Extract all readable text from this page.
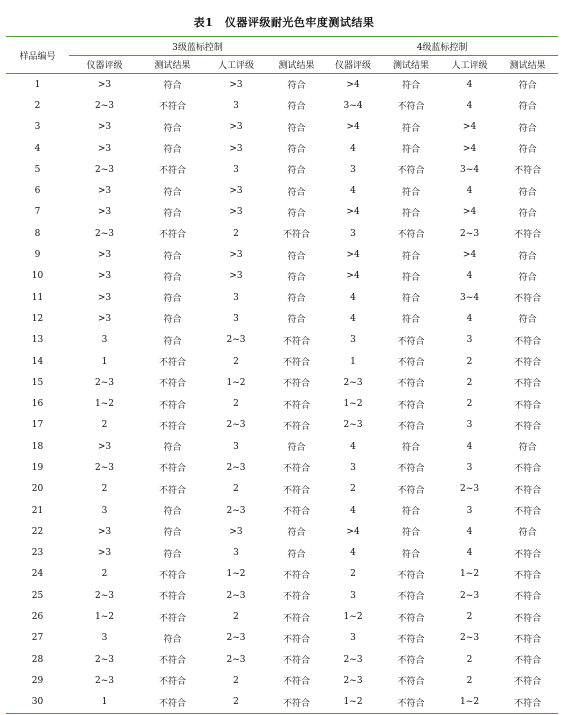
表1　仪器评级耐光色牢度测试结果
样品编号	3级蓝标控制				4级蓝标控制			
	仪器评级	测试结果	人工评级	测试结果	仪器评级	测试结果	人工评级	测试结果
1	>3	符合	>3	符合	>4	符合	4	符合
2	2~3	不符合	3	符合	3~4	不符合	4	符合
3	>3	符合	>3	符合	>4	符合	>4	符合
4	>3	符合	>3	符合	4	符合	>4	符合
5	2~3	不符合	3	符合	3	不符合	3~4	不符合
6	>3	符合	>3	符合	4	符合	4	符合
7	>3	符合	>3	符合	>4	符合	>4	符合
8	2~3	不符合	2	不符合	3	不符合	2~3	不符合
9	>3	符合	>3	符合	>4	符合	>4	符合
10	>3	符合	>3	符合	>4	符合	4	符合
11	>3	符合	3	符合	4	符合	3~4	不符合
12	>3	符合	3	符合	4	符合	4	符合
13	3	符合	2~3	不符合	3	不符合	3	不符合
14	1	不符合	2	不符合	1	不符合	2	不符合
15	2~3	不符合	1~2	不符合	2~3	不符合	2	不符合
16	1~2	不符合	2	不符合	1~2	不符合	2	不符合
17	2	不符合	2~3	不符合	2~3	不符合	3	不符合
18	>3	符合	3	符合	4	符合	4	符合
19	2~3	不符合	2~3	不符合	3	不符合	3	不符合
20	2	不符合	2	不符合	2	不符合	2~3	不符合
21	3	符合	2~3	不符合	4	符合	3	不符合
22	>3	符合	>3	符合	>4	符合	4	符合
23	>3	符合	3	符合	4	符合	4	不符合
24	2	不符合	1~2	不符合	2	不符合	1~2	不符合
25	2~3	不符合	2~3	不符合	3	不符合	2~3	不符合
26	1~2	不符合	2	不符合	1~2	不符合	2	不符合
27	3	符合	2~3	不符合	3	不符合	2~3	不符合
28	2~3	不符合	2~3	不符合	2~3	不符合	2	不符合
29	2~3	不符合	2	不符合	2~3	不符合	2	不符合
30	1	不符合	2	不符合	1~2	不符合	1~2	不符合
